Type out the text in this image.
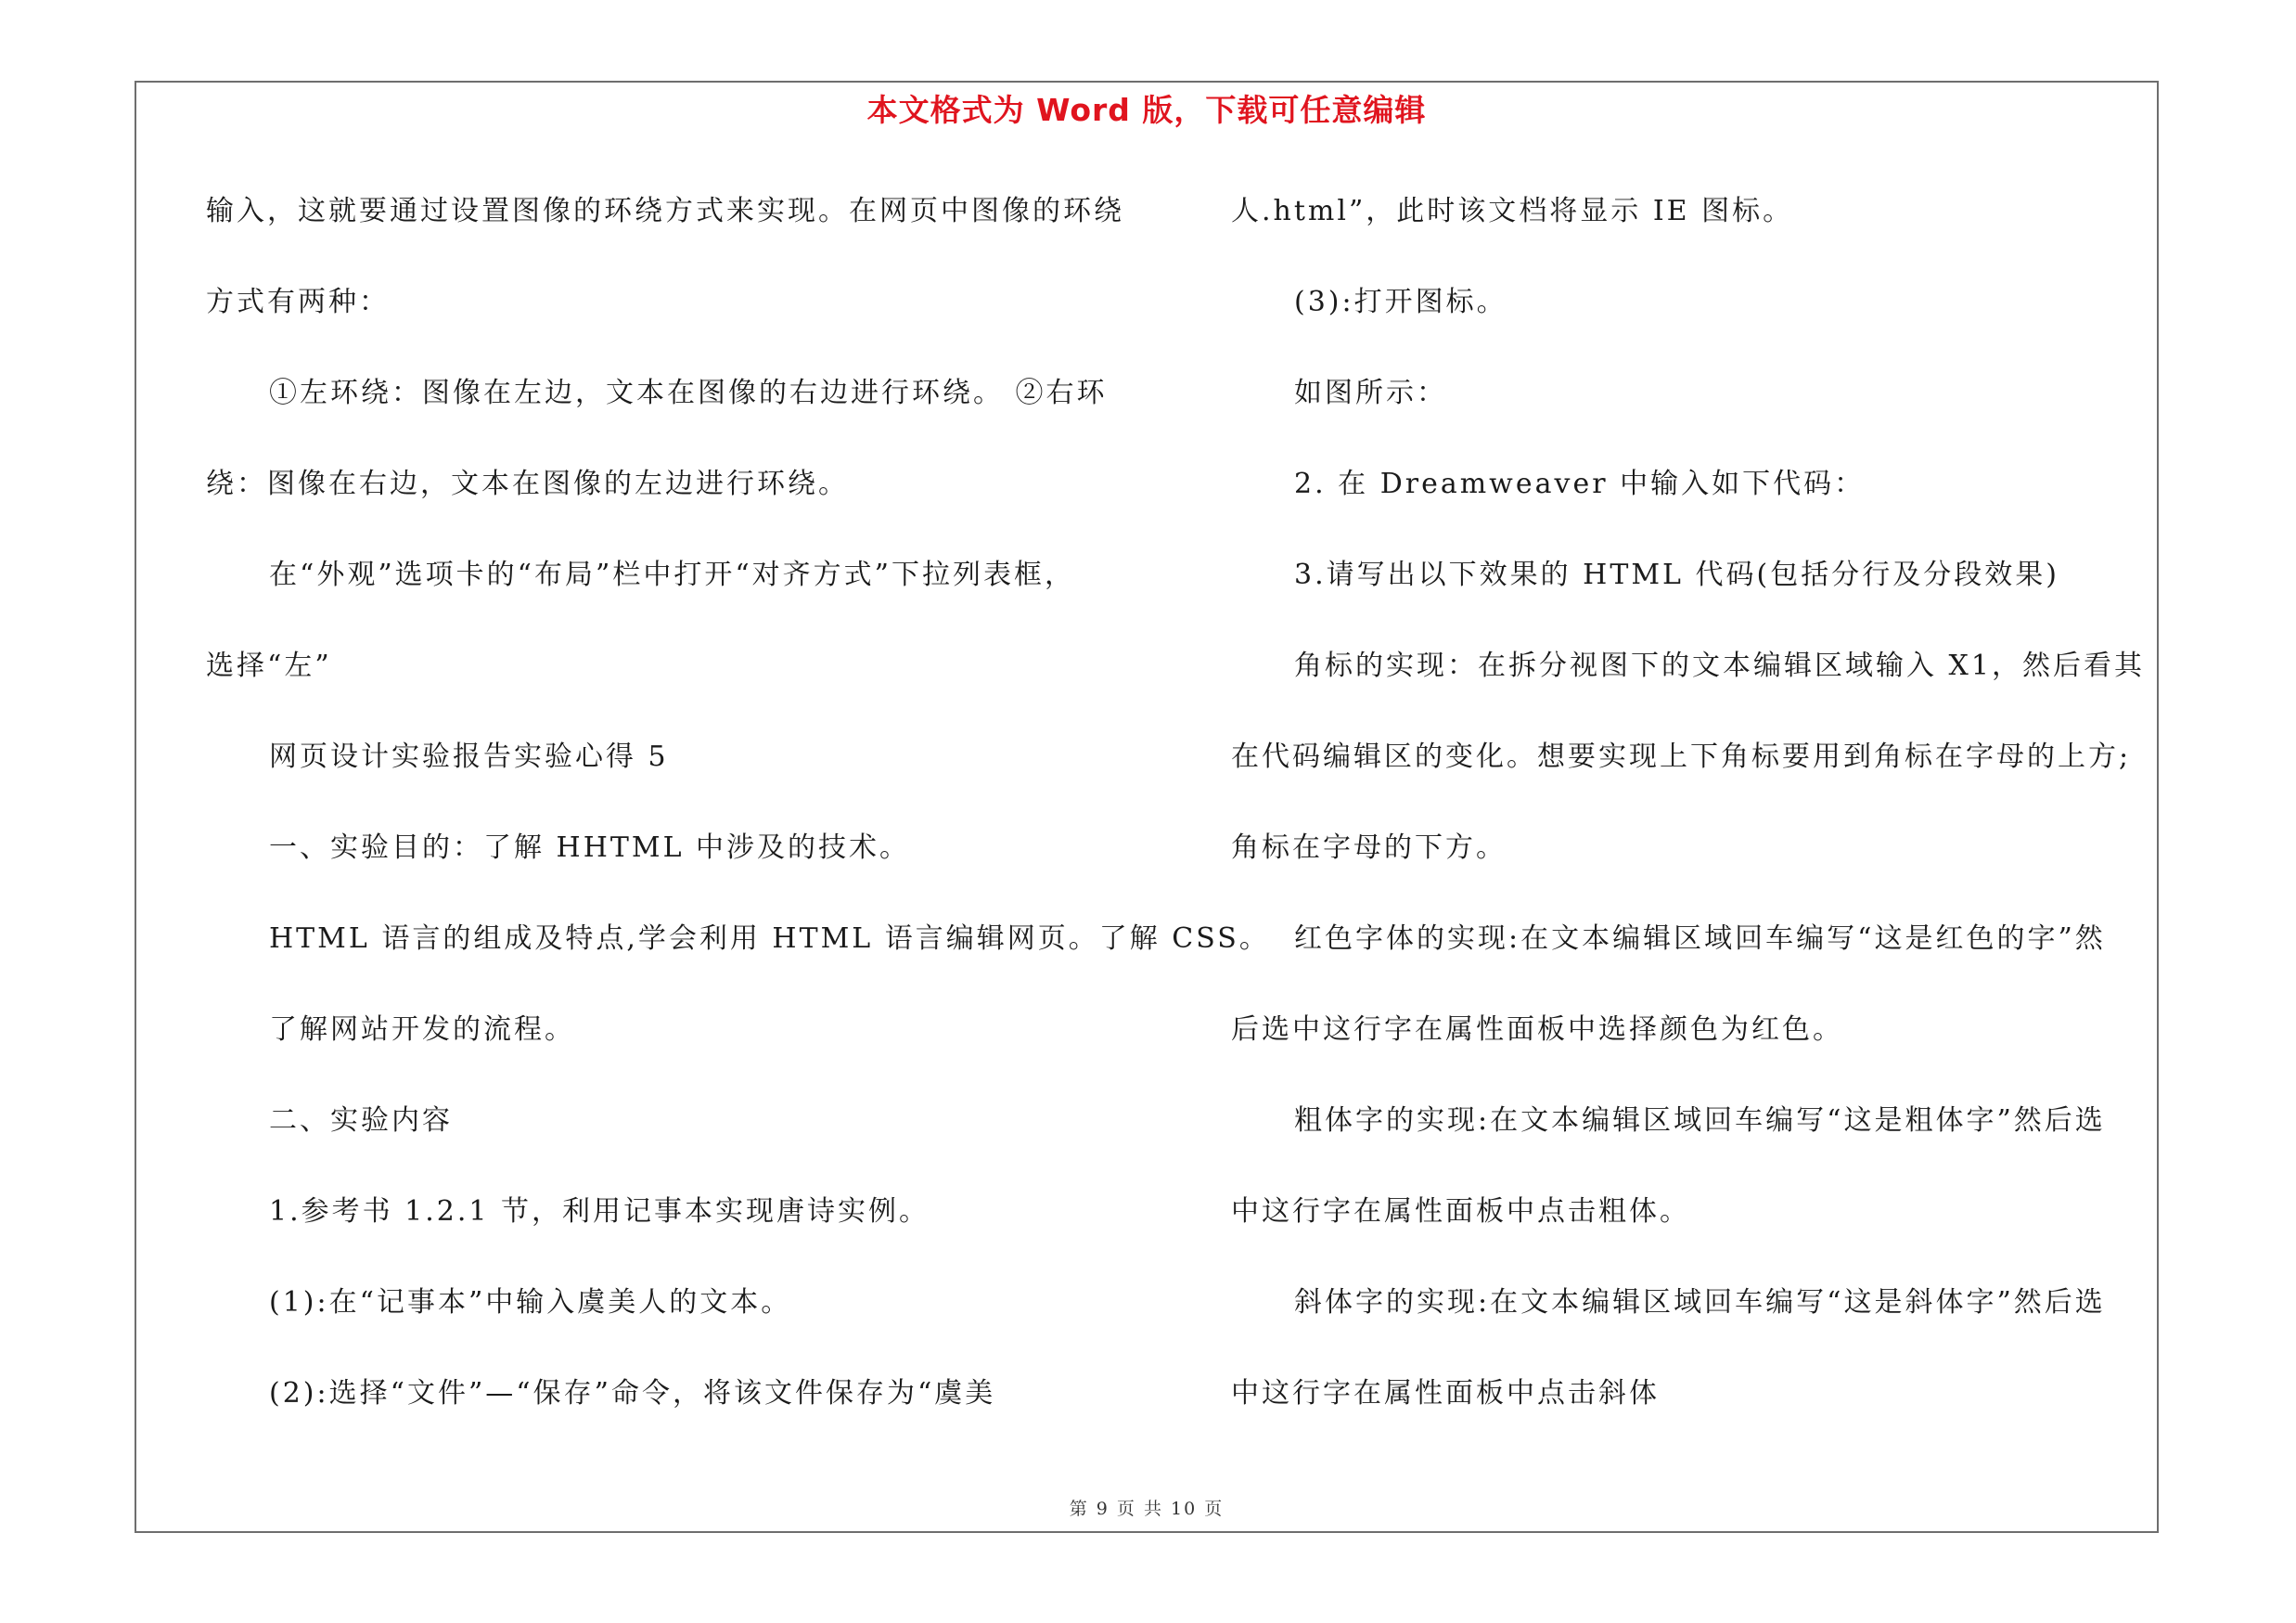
本文格式为 Word 版，下载可任意编辑
输入，这就要通过设置图像的环绕方式来实现。在网页中图像的环绕
方式有两种：
①左环绕：图像在左边，文本在图像的右边进行环绕。 ②右环
绕：图像在右边，文本在图像的左边进行环绕。
在“外观”选项卡的“布局”栏中打开“对齐方式”下拉列表框，
选择“左”
网页设计实验报告实验心得 5
一、实验目的：了解 HHTML 中涉及的技术。
HTML 语言的组成及特点,学会利用 HTML 语言编辑网页。了解 CSS。
了解网站开发的流程。
二、实验内容
1.参考书 1.2.1 节，利用记事本实现唐诗实例。
(1):在“记事本”中输入虞美人的文本。
(2):选择“文件”—“保存”命令，将该文件保存为“虞美
人.html”，此时该文档将显示 IE 图标。
(3):打开图标。
如图所示：
2. 在 Dreamweaver 中输入如下代码：
3.请写出以下效果的 HTML 代码(包括分行及分段效果)
角标的实现：在拆分视图下的文本编辑区域输入 X1，然后看其
在代码编辑区的变化。想要实现上下角标要用到角标在字母的上方;
角标在字母的下方。
红色字体的实现:在文本编辑区域回车编写“这是红色的字”然
后选中这行字在属性面板中选择颜色为红色。
粗体字的实现:在文本编辑区域回车编写“这是粗体字”然后选
中这行字在属性面板中点击粗体。
斜体字的实现:在文本编辑区域回车编写“这是斜体字”然后选
中这行字在属性面板中点击斜体
第 9 页 共 10 页
